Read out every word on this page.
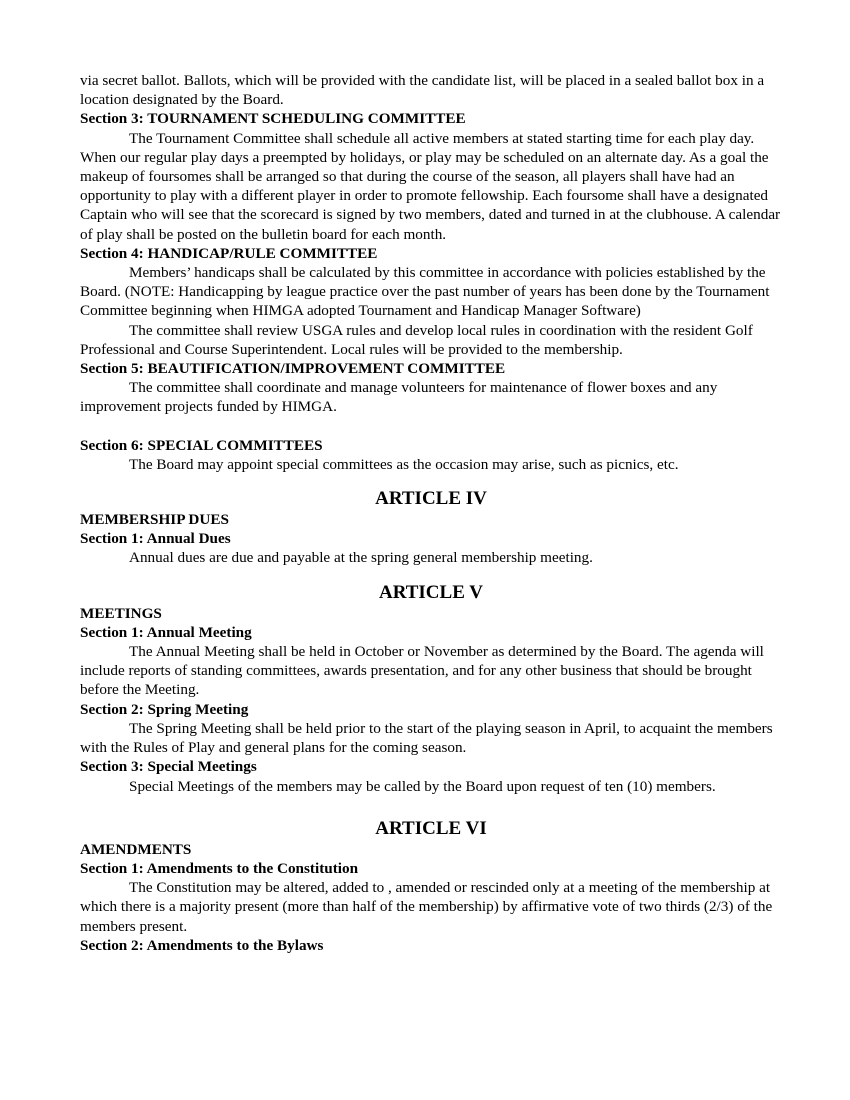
via secret ballot. Ballots, which will be provided with the candidate list, will be placed in a sealed ballot box in a location designated by the Board.

Section 3: TOURNAMENT SCHEDULING COMMITTEE

The Tournament Committee shall schedule all active members at stated starting time for each play day. When our regular play days a preempted by holidays, or play may be scheduled on an alternate day. As a goal the makeup of foursomes shall be arranged so that during the course of the season, all players shall have had an opportunity to play with a different player in order to promote fellowship. Each foursome shall have a designated Captain who will see that the scorecard is signed by two members, dated and turned in at the clubhouse. A calendar of play shall be posted on the bulletin board for each month.

Section 4: HANDICAP/RULE COMMITTEE

Members’ handicaps shall be calculated by this committee in accordance with policies established by the Board. (NOTE: Handicapping by league practice over the past number of years has been done by the Tournament Committee beginning when HIMGA adopted Tournament and Handicap Manager Software)

The committee shall review USGA rules and develop local rules in coordination with the resident Golf Professional and Course Superintendent. Local rules will be provided to the membership.

Section 5: BEAUTIFICATION/IMPROVEMENT COMMITTEE

The committee shall coordinate and manage volunteers for maintenance of flower boxes and any improvement projects funded by HIMGA.

Section 6: SPECIAL COMMITTEES

The Board may appoint special committees as the occasion may arise, such as picnics, etc.

ARTICLE IV

MEMBERSHIP DUES

Section 1: Annual Dues

Annual dues are due and payable at the spring general membership meeting.

ARTICLE V

MEETINGS

Section 1: Annual Meeting

The Annual Meeting shall be held in October or November as determined by the Board. The agenda will include reports of standing committees, awards presentation, and for any other business that should be brought before the Meeting.

Section 2: Spring Meeting

The Spring Meeting shall be held prior to the start of the playing season in April, to acquaint the members with the Rules of Play and general plans for the coming season.

Section 3: Special Meetings

Special Meetings of the members may be called by the Board upon request of ten (10) members.

ARTICLE VI

AMENDMENTS

Section 1: Amendments to the Constitution

The Constitution may be altered, added to , amended or rescinded only at a meeting of the membership at which there is a majority present (more than half of the membership) by affirmative vote of two thirds (2/3) of the members present.

Section 2: Amendments to the Bylaws
